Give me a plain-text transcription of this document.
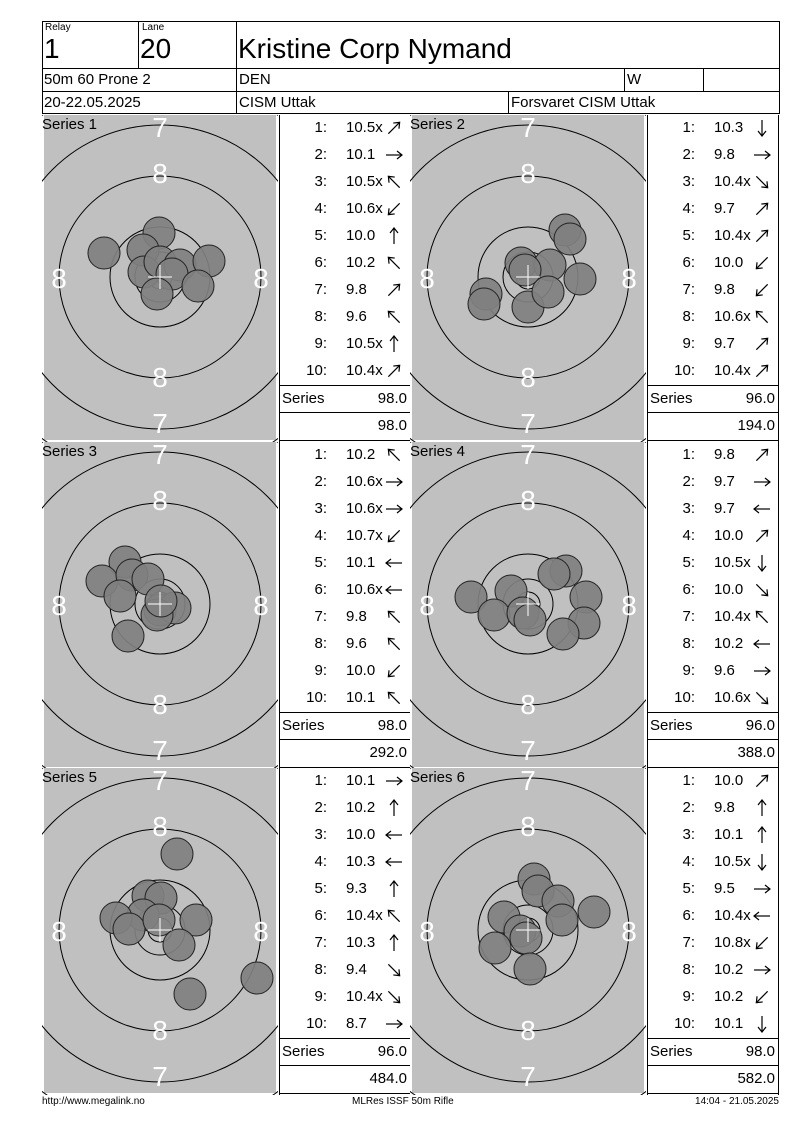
Relay
1
Lane
20 Kristine Corp Nymand
50m 60 Prone 2	DEN	W
20-22.05.2025	CISM Uttak	Forsvaret CISM Uttak
7
8
8
7
8	8
Series 1	1: 10.5x
2: 10.1
3: 10.5x
4: 10.6x
5: 10.0
6: 10.2
7: 9.8
8: 9.6
9: 10.5x
10: 10.4x
Series	98.0
98.0
7
8
8
7
8	8
Series 2	1: 10.3
2: 9.8
3: 10.4x
4: 9.7
5: 10.4x
6: 10.0
7: 9.8
8: 10.6x
9: 9.7
10: 10.4x
Series	96.0
194.0
7
8
8
7
8	8
Series 3	1: 10.2
2: 10.6x
3: 10.6x
4: 10.7x
5: 10.1
6: 10.6x
7: 9.8
8: 9.6
9: 10.0
10: 10.1
Series	98.0
292.0
7
8
8
7
8	8
Series 4	1: 9.8
2: 9.7
3: 9.7
4: 10.0
5: 10.5x
6: 10.0
7: 10.4x
8: 10.2
9: 9.6
10: 10.6x
Series	96.0
388.0
7
8
8
7
8	8
Series 5	1: 10.1
2: 10.2
3: 10.0
4: 10.3
5: 9.3
6: 10.4x
7: 10.3
8: 9.4
9: 10.4x
10: 8.7
Series	96.0
484.0
7
8
8
7
8	8
Series 6	1: 10.0
2: 9.8
3: 10.1
4: 10.5x
5: 9.5
6: 10.4x
7: 10.8x
8: 10.2
9: 10.2
10: 10.1
Series	98.0
582.0
http://www.megalink.no	MLRes ISSF 50m Rifle	14:04 - 21.05.2025
